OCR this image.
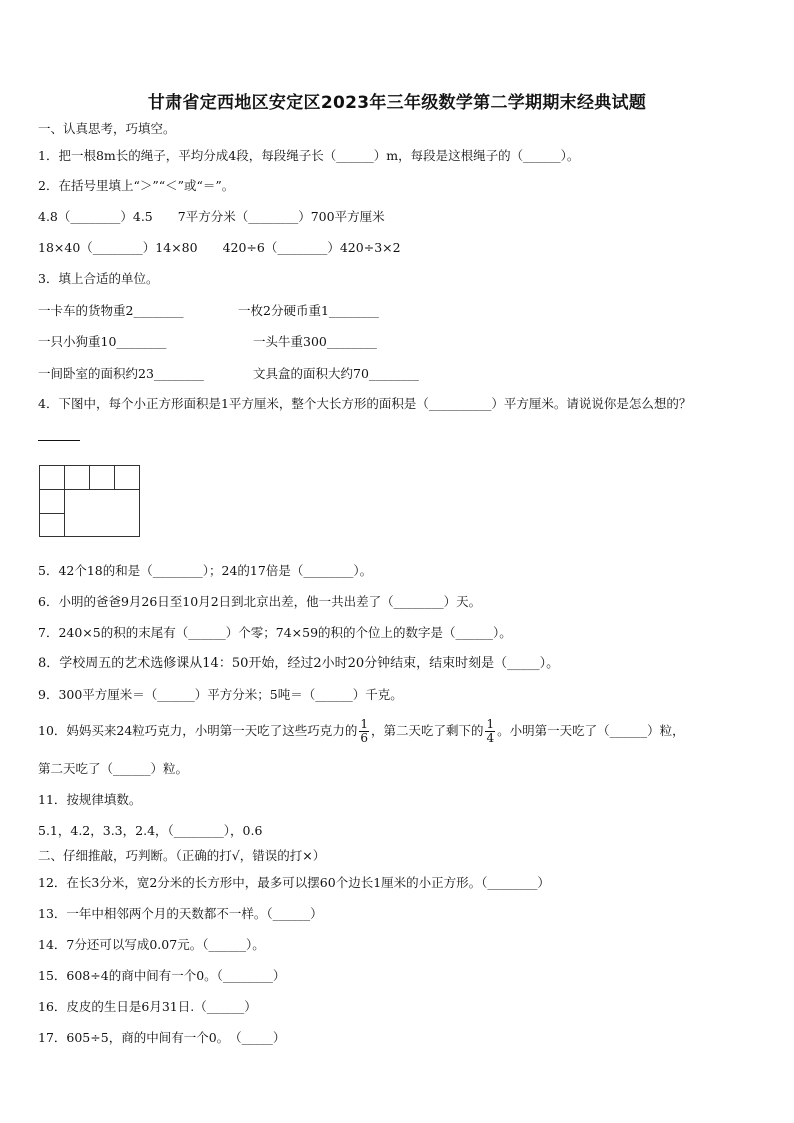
甘肃省定西地区安定区2023年三年级数学第二学期期末经典试题
一、认真思考，巧填空。
1．把一根8m长的绳子，平均分成4段，每段绳子长（______）m，每段是这根绳子的（______）。
2．在括号里填上“＞”“＜”或“＝”。
4.8（________）4.5　　7平方分米（________）700平方厘米
18×40（________）14×80　　420÷6（________）420÷3×2
3．填上合适的单位。
一卡车的货物重2________	一枚2分硬币重1________
一只小狗重10________	一头牛重300________
一间卧室的面积约23________	文具盒的面积大约70________
4．下图中，每个小正方形面积是1平方厘米，整个大长方形的面积是（__________）平方厘米。请说说你是怎么想的？
5．42个18的和是（________）；24的17倍是（________）。
6．小明的爸爸9月26日至10月2日到北京出差，他一共出差了（________）天。
7．240×5的积的末尾有（______）个零；74×59的积的个位上的数字是（______）。
8．学校周五的艺术选修课从14：50开始，经过2小时20分钟结束，结束时刻是（_____）。
9．300平方厘米＝（______）平方分米；5吨＝（______）千克。
10．妈妈买来24粒巧克力，小明第一天吃了这些巧克力的 $\frac{1}{6}$ ，第二天吃了剩下的 $\frac{1}{4}$ 。小明第一天吃了（______）粒，
第二天吃了（______）粒。
11．按规律填数。
5.1，4.2，3.3，2.4，（________），0.6
二、仔细推敲，巧判断。（正确的打√，错误的打×）
12．在长3分米，宽2分米的长方形中，最多可以摆60个边长1厘米的小正方形。（________）
13．一年中相邻两个月的天数都不一样。（______）
14．7分还可以写成0.07元。（______）。
15．608÷4的商中间有一个0。（________）
16．皮皮的生日是6月31日.（______）
17．605÷5，商的中间有一个0。　（_____）
